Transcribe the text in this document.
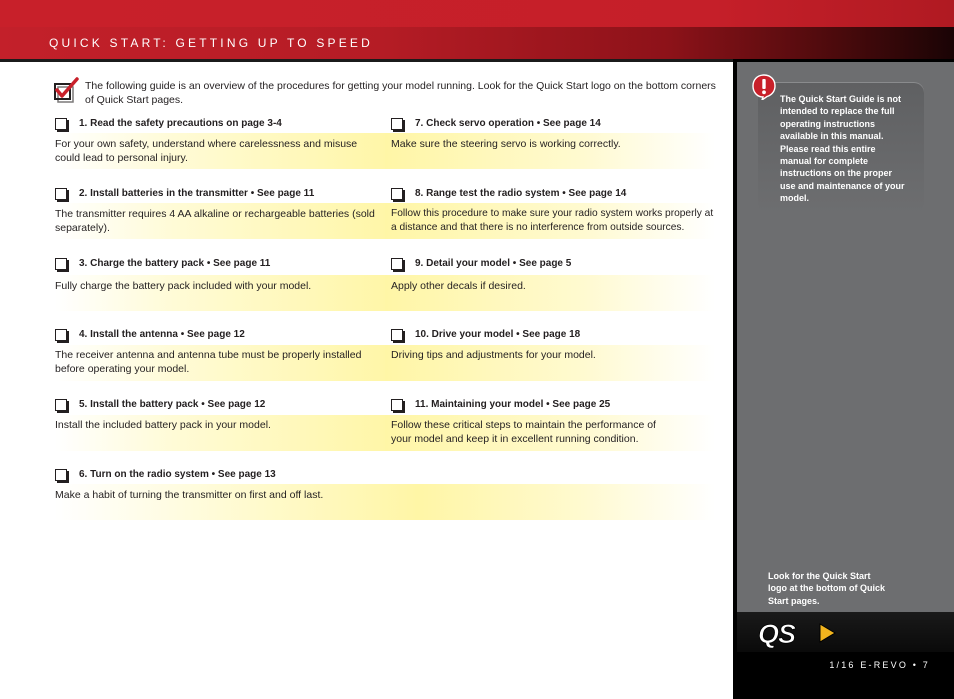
QUICK START: GETTING UP TO SPEED
The following guide is an overview of the procedures for getting your model running. Look for the Quick Start logo on the bottom corners of Quick Start pages.
1. Read the safety precautions on page 3-4
For your own safety, understand where carelessness and misuse could lead to personal injury.
2. Install batteries in the transmitter • See page 11
The transmitter requires 4 AA alkaline or rechargeable batteries (sold separately).
3. Charge the battery pack • See page 11
Fully charge the battery pack included with your model.
4. Install the antenna • See page 12
The receiver antenna and antenna tube must be properly installed before operating your model.
5. Install the battery pack • See page 12
Install the included battery pack in your model.
6. Turn on the radio system • See page 13
Make a habit of turning the transmitter on first and off last.
7. Check servo operation • See page 14
Make sure the steering servo is working correctly.
8. Range test the radio system • See page 14
Follow this procedure to make sure your radio system works properly at a distance and that there is no interference from outside sources.
9. Detail your model • See page 5
Apply other decals if desired.
10. Drive your model • See page 18
Driving tips and adjustments for your model.
11. Maintaining your model • See page 25
Follow these critical steps to maintain the performance of your model and keep it in excellent running condition.
The Quick Start Guide is not intended to replace the full operating instructions available in this manual. Please read this entire manual for complete instructions on the proper use and maintenance of your model.
Look for the Quick Start logo at the bottom of Quick Start pages.
QS
1/16 E-REVO • 7
